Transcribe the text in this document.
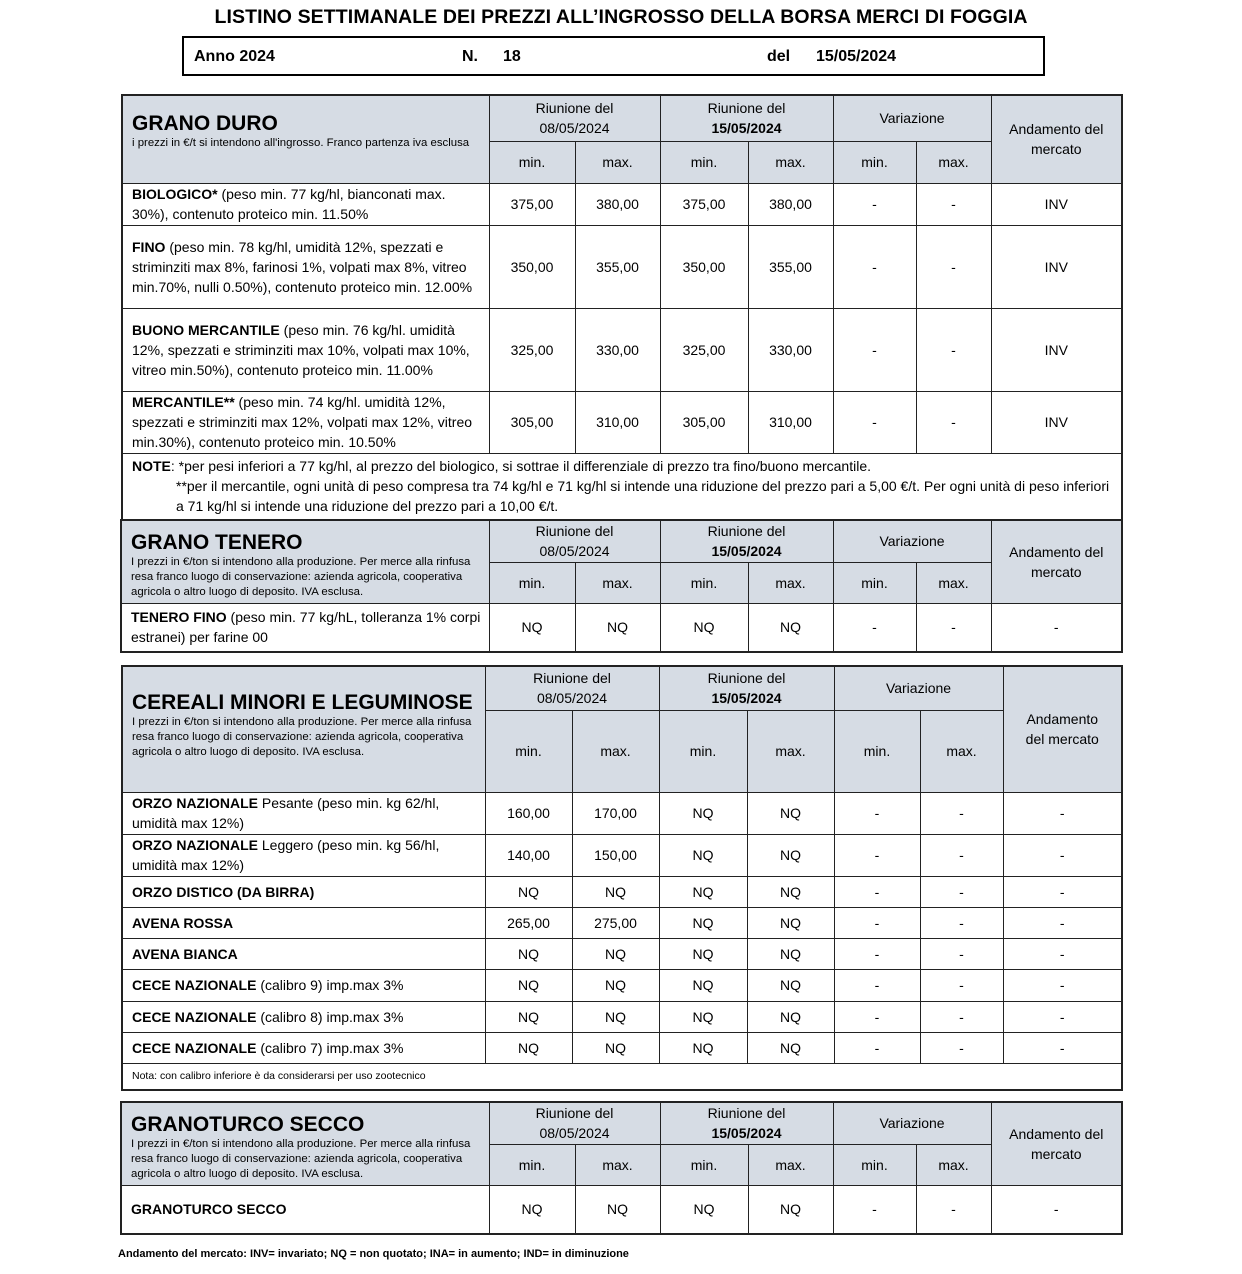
LISTINO SETTIMANALE DEI PREZZI ALL’INGROSSO DELLA BORSA MERCI DI FOGGIA
Anno 2024	N. 18	del 15/05/2024
GRANO DURO
i prezzi in €/t si intendono all'ingrosso. Franco partenza iva esclusa	Riunione del
08/05/2024		Riunione del
15/05/2024		Variazione		Andamento del
mercato
	min.	max.	min.	max.	min.	max.	
BIOLOGICO* (peso min. 77 kg/hl, bianconati max. 30%), contenuto proteico min. 11.50%	375,00	380,00	375,00	380,00	-	-	INV
FINO (peso min. 78 kg/hl, umidità 12%, spezzati e striminziti max 8%, farinosi 1%, volpati max 8%, vitreo min.70%, nulli 0.50%), contenuto proteico min. 12.00%	350,00	355,00	350,00	355,00	-	-	INV
BUONO MERCANTILE (peso min. 76 kg/hl. umidità 12%, spezzati e striminziti max 10%, volpati max 10%, vitreo min.50%), contenuto proteico min. 11.00%	325,00	330,00	325,00	330,00	-	-	INV
MERCANTILE** (peso min. 74 kg/hl. umidità 12%, spezzati e striminziti max 12%, volpati max 12%, vitreo min.30%), contenuto proteico min. 10.50%	305,00	310,00	305,00	310,00	-	-	INV
NOTE: *per pesi inferiori a 77 kg/hl, al prezzo del biologico, si sottrae il differenziale di prezzo tra fino/buono mercantile.

**per il mercantile, ogni unità di peso compresa tra 74 kg/hl e 71 kg/hl si intende una riduzione del prezzo pari a 5,00 €/t. Per ogni unità di peso inferiori a 71 kg/hl si intende una riduzione del prezzo pari a 10,00 €/t.							
GRANO TENERO
I prezzi in €/ton si intendono alla produzione. Per merce alla rinfusa resa franco luogo di conservazione: azienda agricola, cooperativa agricola o altro luogo di deposito. IVA esclusa.	Riunione del
08/05/2024		Riunione del
15/05/2024		Variazione		Andamento del
mercato
	min.	max.	min.	max.	min.	max.	
TENERO FINO (peso min. 77 kg/hL, tolleranza 1% corpi estranei) per farine 00	NQ	NQ	NQ	NQ	-	-	-
CEREALI MINORI E LEGUMINOSE
I prezzi in €/ton si intendono alla produzione. Per merce alla rinfusa resa franco luogo di conservazione: azienda agricola, cooperativa agricola o altro luogo di deposito. IVA esclusa.	Riunione del
08/05/2024		Riunione del
15/05/2024		Variazione		Andamento
del mercato
	min.	max.	min.	max.	min.	max.	
ORZO NAZIONALE Pesante (peso min. kg 62/hl, umidità max 12%)	160,00	170,00	NQ	NQ	-	-	-
ORZO NAZIONALE Leggero (peso min. kg 56/hl, umidità max 12%)	140,00	150,00	NQ	NQ	-	-	-
ORZO DISTICO (DA BIRRA)	NQ	NQ	NQ	NQ	-	-	-
AVENA ROSSA	265,00	275,00	NQ	NQ	-	-	-
AVENA BIANCA	NQ	NQ	NQ	NQ	-	-	-
CECE NAZIONALE (calibro 9) imp.max 3%	NQ	NQ	NQ	NQ	-	-	-
CECE NAZIONALE (calibro 8) imp.max 3%	NQ	NQ	NQ	NQ	-	-	-
CECE NAZIONALE (calibro 7) imp.max 3%	NQ	NQ	NQ	NQ	-	-	-
Nota: con calibro inferiore è da considerarsi per uso zootecnico							
GRANOTURCO SECCO
I prezzi in €/ton si intendono alla produzione. Per merce alla rinfusa resa franco luogo di conservazione: azienda agricola, cooperativa agricola o altro luogo di deposito. IVA esclusa.	Riunione del
08/05/2024		Riunione del
15/05/2024		Variazione		Andamento del
mercato
	min.	max.	min.	max.	min.	max.	
GRANOTURCO SECCO	NQ	NQ	NQ	NQ	-	-	-
Andamento del mercato: INV= invariato; NQ = non quotato; INA= in aumento; IND= in diminuzione
